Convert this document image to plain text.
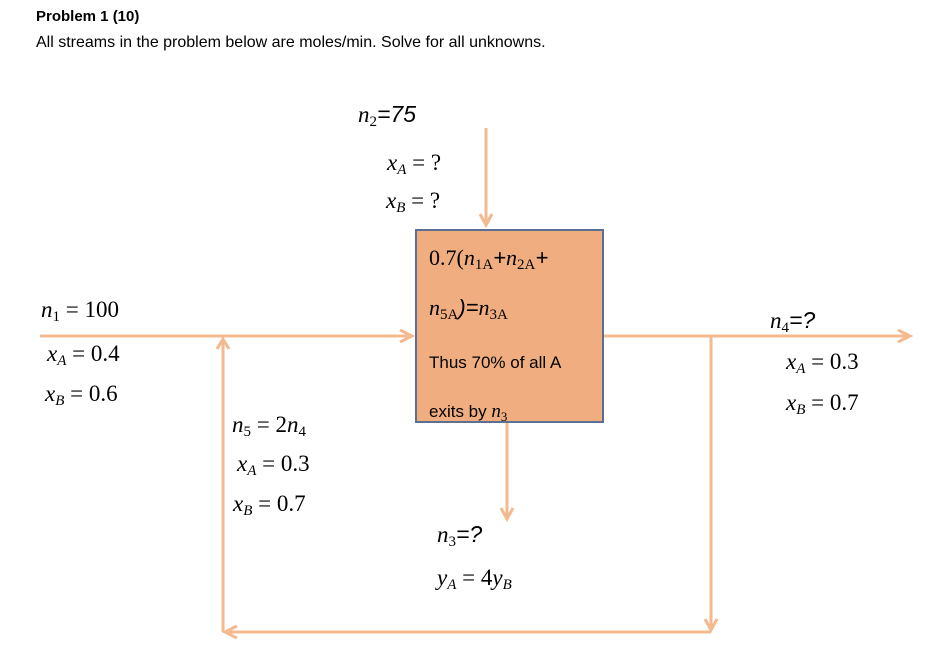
Problem 1 (10)
All streams in the problem below are moles/min. Solve for all unknowns.
n2=75
xA = ?
xB = ?
n1 = 100
xA = 0.4
xB = 0.6
n5 = 2n4
xA = 0.3
xB = 0.7
n4=?
xA = 0.3
xB = 0.7
n3=?
yA = 4yB
0.7(n1A+n2A+
n5A)=n3A
Thus 70% of all A
exits by $n_3$
